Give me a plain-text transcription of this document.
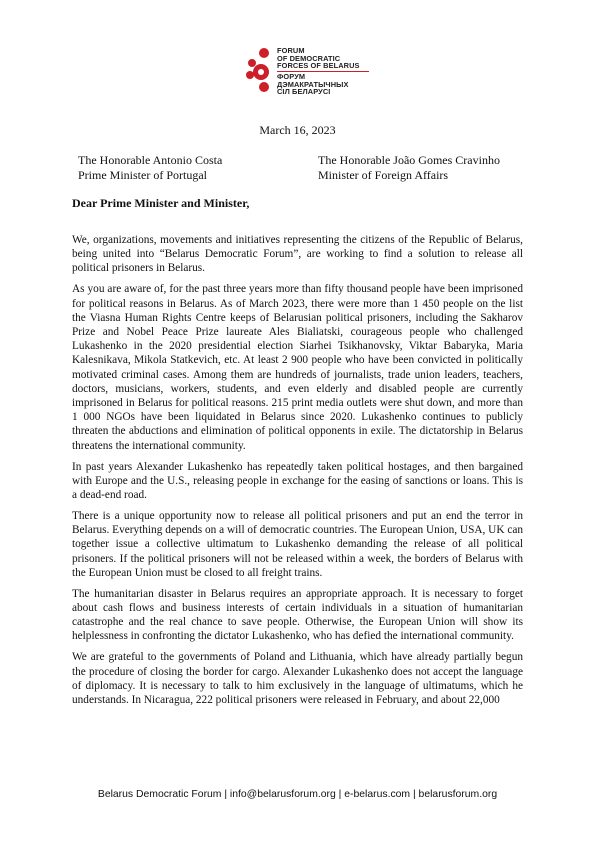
FORUM
OF DEMOCRATIC
FORCES OF BELARUS
ФОРУМ
ДЭМАКРАТЫЧНЫХ
СІЛ БЕЛАРУСІ
March 16, 2023
The Honorable Antonio Costa
Prime Minister of Portugal
The Honorable João Gomes Cravinho
Minister of Foreign Affairs
Dear Prime Minister and Minister,

We, organizations, movements and initiatives representing the citizens of the Republic of Belarus, being united into “Belarus Democratic Forum”, are working to find a solution to release all political prisoners in Belarus.

As you are aware of, for the past three years more than fifty thousand people have been imprisoned for political reasons in Belarus. As of March 2023, there were more than 1 450 people on the list the Viasna Human Rights Centre keeps of Belarusian political prisoners, including the Sakharov Prize and Nobel Peace Prize laureate Ales Bialiatski, courageous people who challenged Lukashenko in the 2020 presidential election Siarhei Tsikhanovsky, Viktar Babaryka, Maria Kalesnikava, Mikola Statkevich, etc. At least 2 900 people who have been convicted in politically motivated criminal cases. Among them are hundreds of journalists, trade union leaders, teachers, doctors, musicians, workers, students, and even elderly and disabled people are currently imprisoned in Belarus for political reasons. 215 print media outlets were shut down, and more than 1 000 NGOs have been liquidated in Belarus since 2020. Lukashenko continues to publicly threaten the abductions and elimination of political opponents in exile. The dictatorship in Belarus threatens the international community.

In past years Alexander Lukashenko has repeatedly taken political hostages, and then bargained with Europe and the U.S., releasing people in exchange for the easing of sanctions or loans. This is a dead-end road.

There is a unique opportunity now to release all political prisoners and put an end the terror in Belarus. Everything depends on a will of democratic countries. The European Union, USA, UK can together issue a collective ultimatum to Lukashenko demanding the release of all political prisoners. If the political prisoners will not be released within a week, the borders of Belarus with the European Union must be closed to all freight trains.

The humanitarian disaster in Belarus requires an appropriate approach. It is necessary to forget about cash flows and business interests of certain individuals in a situation of humanitarian catastrophe and the real chance to save people. Otherwise, the European Union will show its helplessness in confronting the dictator Lukashenko, who has defied the international community.

We are grateful to the governments of Poland and Lithuania, which have already partially begun the procedure of closing the border for cargo. Alexander Lukashenko does not accept the language of diplomacy. It is necessary to talk to him exclusively in the language of ultimatums, which he understands. In Nicaragua, 222 political prisoners were released in February, and about 22,000

Belarus Democratic Forum | info@belarusforum.org | e-belarus.com | belarusforum.org
